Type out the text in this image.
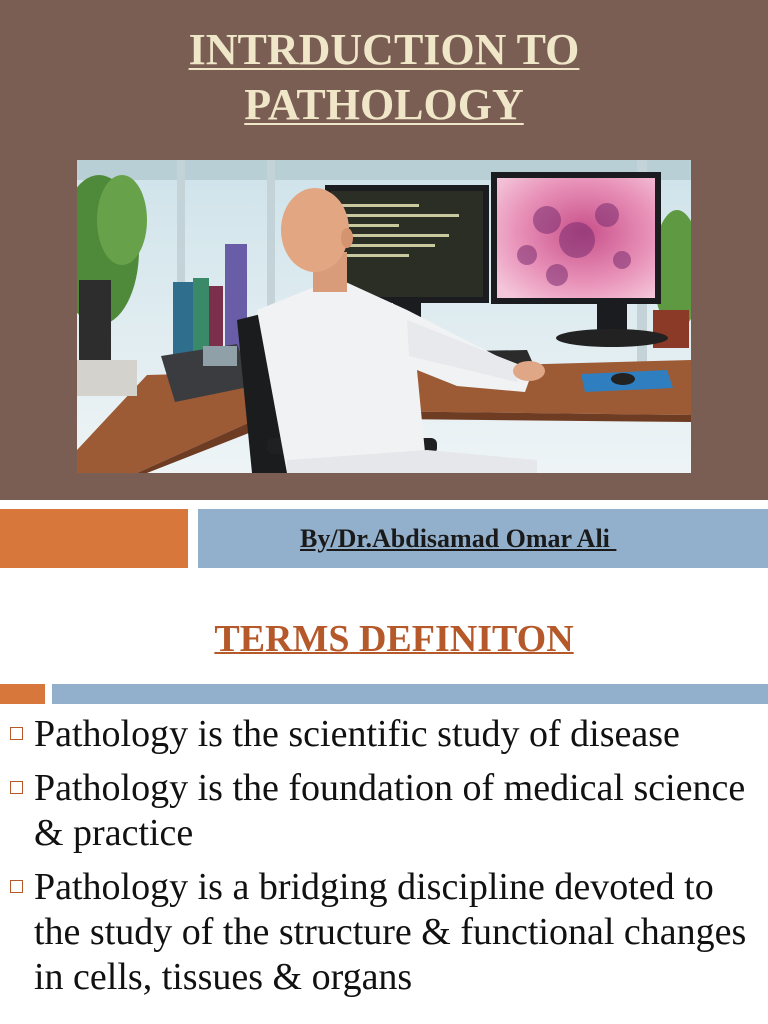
INTRDUCTION TO
PATHOLOGY
By/Dr.Abdisamad Omar Ali
TERMS DEFINITON
Pathology is the scientific study of disease
Pathology is the foundation of medical science & practice
Pathology is a bridging discipline devoted to the study of the structure & functional changes in cells, tissues & organs
